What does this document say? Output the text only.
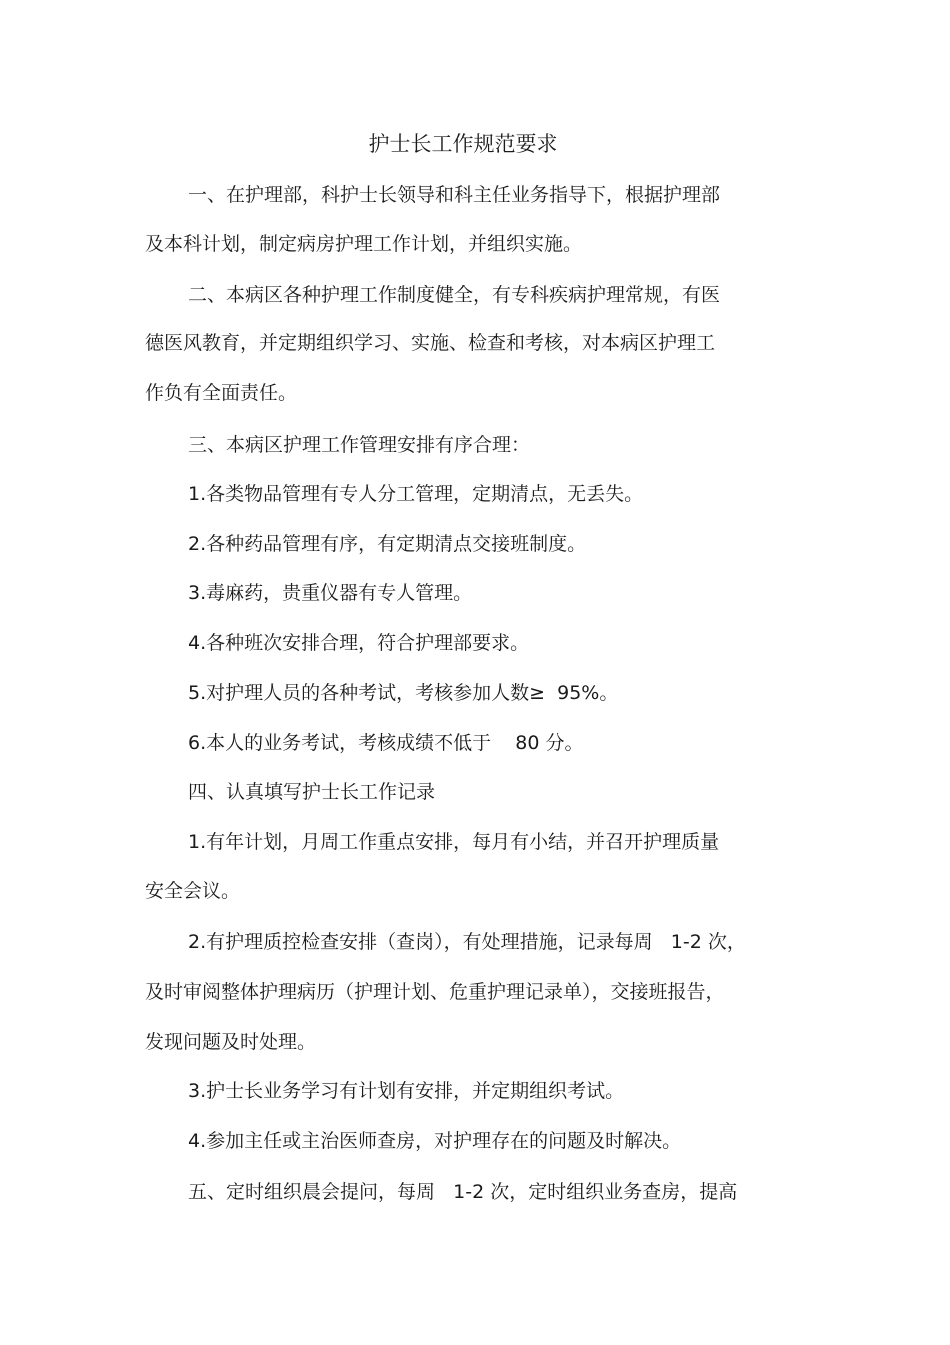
护士长工作规范要求
一、在护理部，科护士长领导和科主任业务指导下，根据护理部
及本科计划，制定病房护理工作计划，并组织实施。
二、本病区各种护理工作制度健全，有专科疾病护理常规，有医
德医风教育，并定期组织学习、实施、检查和考核，对本病区护理工
作负有全面责任。
三、本病区护理工作管理安排有序合理：
1.各类物品管理有专人分工管理，定期清点，无丢失。
2.各种药品管理有序，有定期清点交接班制度。
3.毒麻药，贵重仪器有专人管理。
4.各种班次安排合理，符合护理部要求。
5.对护理人员的各种考试，考核参加人数≥  95%。
6.本人的业务考试，考核成绩不低于    80 分。
四、认真填写护士长工作记录
1.有年计划，月周工作重点安排，每月有小结，并召开护理质量
安全会议。
2.有护理质控检查安排（查岗），有处理措施，记录每周   1-2 次，
及时审阅整体护理病历（护理计划、危重护理记录单），交接班报告，
发现问题及时处理。
3.护士长业务学习有计划有安排，并定期组织考试。
4.参加主任或主治医师查房，对护理存在的问题及时解决。
五、定时组织晨会提问，每周   1-2 次，定时组织业务查房，提高
